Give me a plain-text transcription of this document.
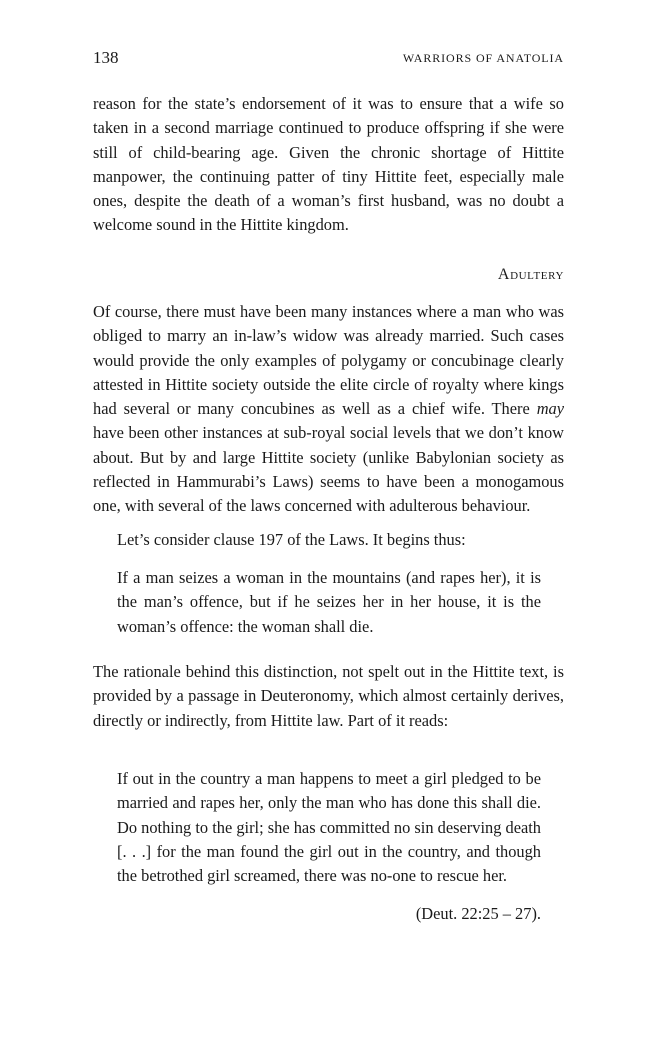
138	WARRIORS OF ANATOLIA

reason for the state’s endorsement of it was to ensure that a wife so taken in a second marriage continued to produce offspring if she were still of child-bearing age. Given the chronic shortage of Hittite manpower, the continuing patter of tiny Hittite feet, especially male ones, despite the death of a woman’s first husband, was no doubt a welcome sound in the Hittite kingdom.

Adultery

Of course, there must have been many instances where a man who was obliged to marry an in-law’s widow was already married. Such cases would provide the only examples of polygamy or concubinage clearly attested in Hittite society outside the elite circle of royalty where kings had several or many concubines as well as a chief wife. There may have been other instances at sub-royal social levels that we don’t know about. But by and large Hittite society (unlike Babylonian society as reflected in Hammurabi’s Laws) seems to have been a monogamous one, with several of the laws concerned with adulterous behaviour.

Let’s consider clause 197 of the Laws. It begins thus:

If a man seizes a woman in the mountains (and rapes her), it is the man’s offence, but if he seizes her in her house, it is the woman’s offence: the woman shall die.

The rationale behind this distinction, not spelt out in the Hittite text, is provided by a passage in Deuteronomy, which almost certainly derives, directly or indirectly, from Hittite law. Part of it reads:

If out in the country a man happens to meet a girl pledged to be married and rapes her, only the man who has done this shall die. Do nothing to the girl; she has committed no sin deserving death [. . .] for the man found the girl out in the country, and though the betrothed girl screamed, there was no-one to rescue her.

(Deut. 22:25 – 27).
